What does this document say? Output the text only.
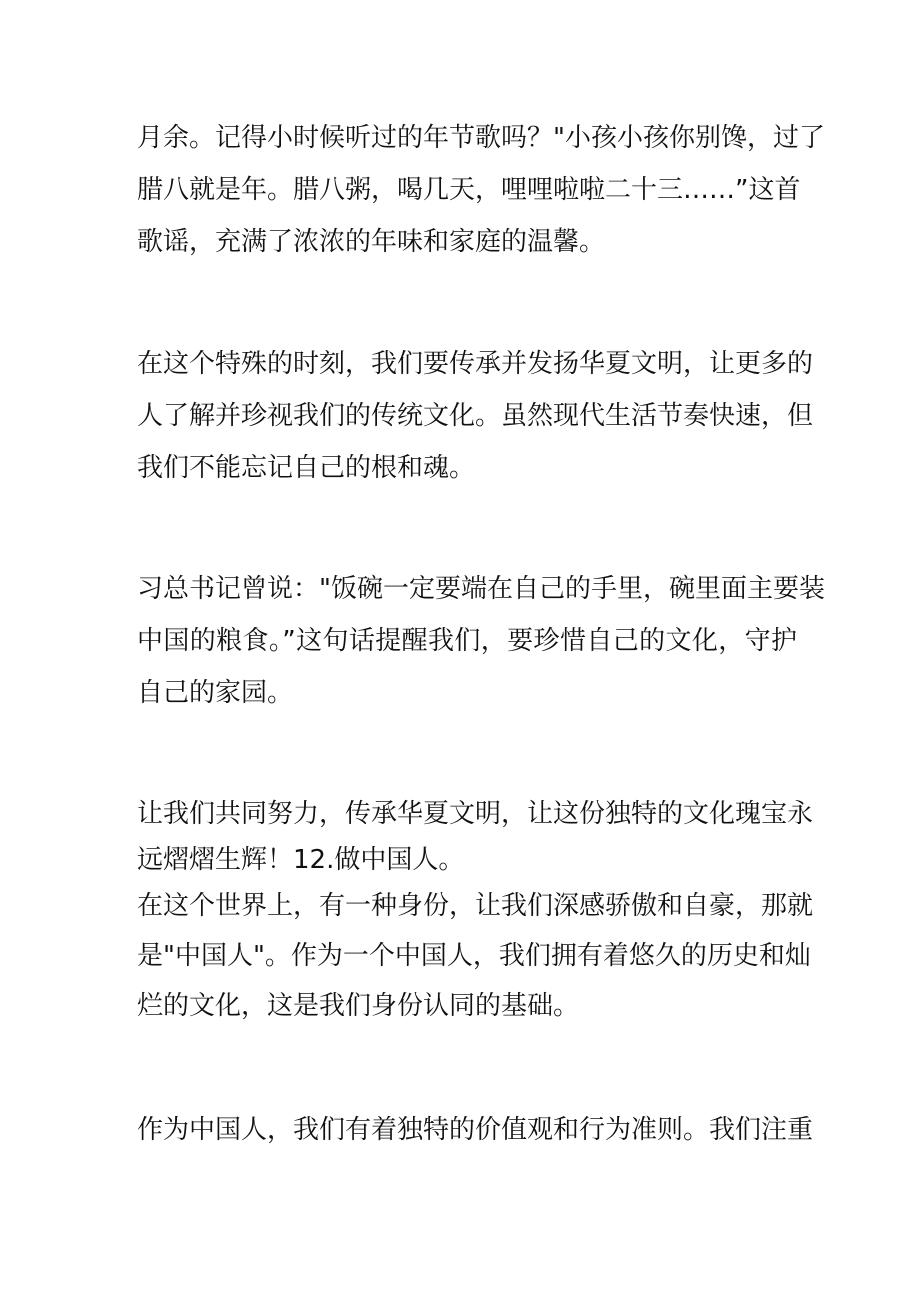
月余。记得小时候听过的年节歌吗？"小孩小孩你别馋，过了

腊八就是年。腊八粥，喝几天，哩哩啦啦二十三……”这首

歌谣，充满了浓浓的年味和家庭的温馨。

在这个特殊的时刻，我们要传承并发扬华夏文明，让更多的

人了解并珍视我们的传统文化。虽然现代生活节奏快速，但

我们不能忘记自己的根和魂。

习总书记曾说："饭碗一定要端在自己的手里，碗里面主要装

中国的粮食。”这句话提醒我们，要珍惜自己的文化，守护

自己的家园。

让我们共同努力，传承华夏文明，让这份独特的文化瑰宝永

远熠熠生辉！12.做中国人。

在这个世界上，有一种身份，让我们深感骄傲和自豪，那就

是"中国人"。作为一个中国人，我们拥有着悠久的历史和灿

烂的文化，这是我们身份认同的基础。

作为中国人，我们有着独特的价值观和行为准则。我们注重
